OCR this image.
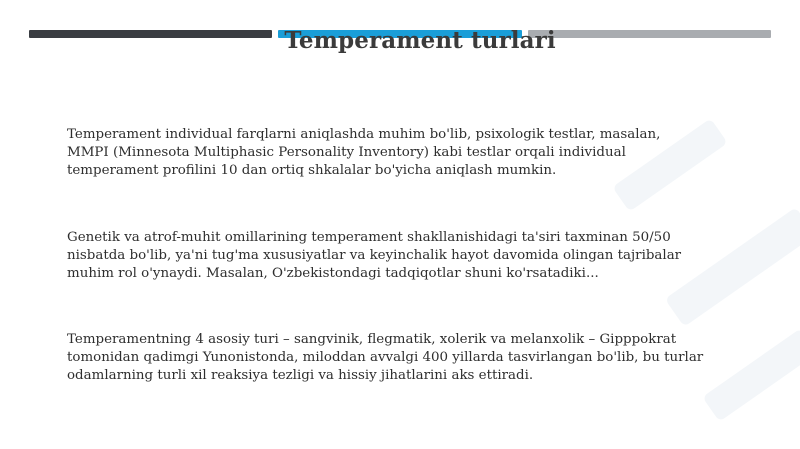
Temperament turlari
Temperament individual farqlarni aniqlashda muhim bo'lib, psixologik testlar, masalan,
MMPI (Minnesota Multiphasic Personality Inventory) kabi testlar orqali individual
temperament profilini 10 dan ortiq shkalalar bo'yicha aniqlash mumkin.
Genetik va atrof-muhit omillarining temperament shakllanishidagi ta'siri taxminan 50/50
nisbatda bo'lib, ya'ni tug'ma xususiyatlar va keyinchalik hayot davomida olingan tajribalar
muhim rol o'ynaydi. Masalan, O'zbekistondagi tadqiqotlar shuni ko'rsatadiki...
Temperamentning 4 asosiy turi – sangvinik, flegmatik, xolerik va melanxolik – Gipppokrat
tomonidan qadimgi Yunonistonda, miloddan avvalgi 400 yillarda tasvirlangan bo'lib, bu turlar
odamlarning turli xil reaksiya tezligi va hissiy jihatlarini aks ettiradi.
